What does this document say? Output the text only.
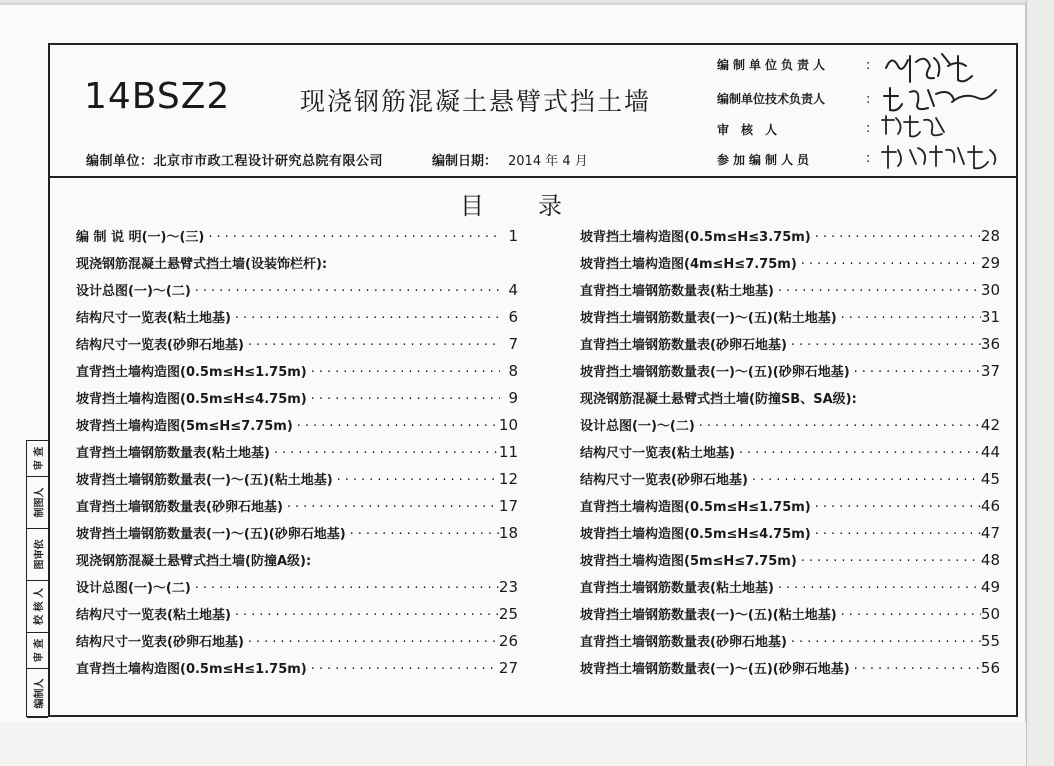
14BSZ2	现浇钢筋混凝土悬臂式挡土墙
编制单位：北京市市政工程设计研究总院有限公司	编制日期： 2014 年 4 月
编制单位负责人	:
编制单位技术负责人	:
审　核　人	:
参加编制人员	:
目录
编 制 说 明(一)～(三) ·····	1
现浇钢筋混凝土悬臂式挡土墙(设装饰栏杆):
设计总图(一)～(二) ·····	4
结构尺寸一览表(粘土地基) ·····	6
结构尺寸一览表(砂卵石地基) ·····	7
直背挡土墙构造图(0.5m≤H≤1.75m) ·····	8
坡背挡土墙构造图(0.5m≤H≤4.75m) ·····	9
坡背挡土墙构造图(5m≤H≤7.75m) ·····	10
直背挡土墙钢筋数量表(粘土地基) ·····	11
坡背挡土墙钢筋数量表(一)～(五)(粘土地基) ·····	12
直背挡土墙钢筋数量表(砂卵石地基) ·····	17
坡背挡土墙钢筋数量表(一)～(五)(砂卵石地基) ·····	18
现浇钢筋混凝土悬臂式挡土墙(防撞A级):
设计总图(一)～(二) ·····	23
结构尺寸一览表(粘土地基) ·····	25
结构尺寸一览表(砂卵石地基) ·····	26
直背挡土墙构造图(0.5m≤H≤1.75m) ·····	27
坡背挡土墙构造图(0.5m≤H≤3.75m) ·····	28
坡背挡土墙构造图(4m≤H≤7.75m) ·····	29
直背挡土墙钢筋数量表(粘土地基) ·····	30
坡背挡土墙钢筋数量表(一)～(五)(粘土地基) ·····	31
直背挡土墙钢筋数量表(砂卵石地基) ·····	36
坡背挡土墙钢筋数量表(一)～(五)(砂卵石地基) ·····	37
现浇钢筋混凝土悬臂式挡土墙(防撞SB、SA级):
设计总图(一)～(二) ·····	42
结构尺寸一览表(粘土地基) ·····	44
结构尺寸一览表(砂卵石地基) ·····	45
直背挡土墙构造图(0.5m≤H≤1.75m) ·····	46
坡背挡土墙构造图(0.5m≤H≤4.75m) ·····	47
坡背挡土墙构造图(5m≤H≤7.75m) ·····	48
直背挡土墙钢筋数量表(粘土地基) ·····	49
坡背挡土墙钢筋数量表(一)～(五)(粘土地基) ·····	50
直背挡土墙钢筋数量表(砂卵石地基) ·····	55
坡背挡土墙钢筋数量表(一)～(五)(砂卵石地基) ·····	56
审 查
制图人
图审依
校 核 人
审 查
编制人
